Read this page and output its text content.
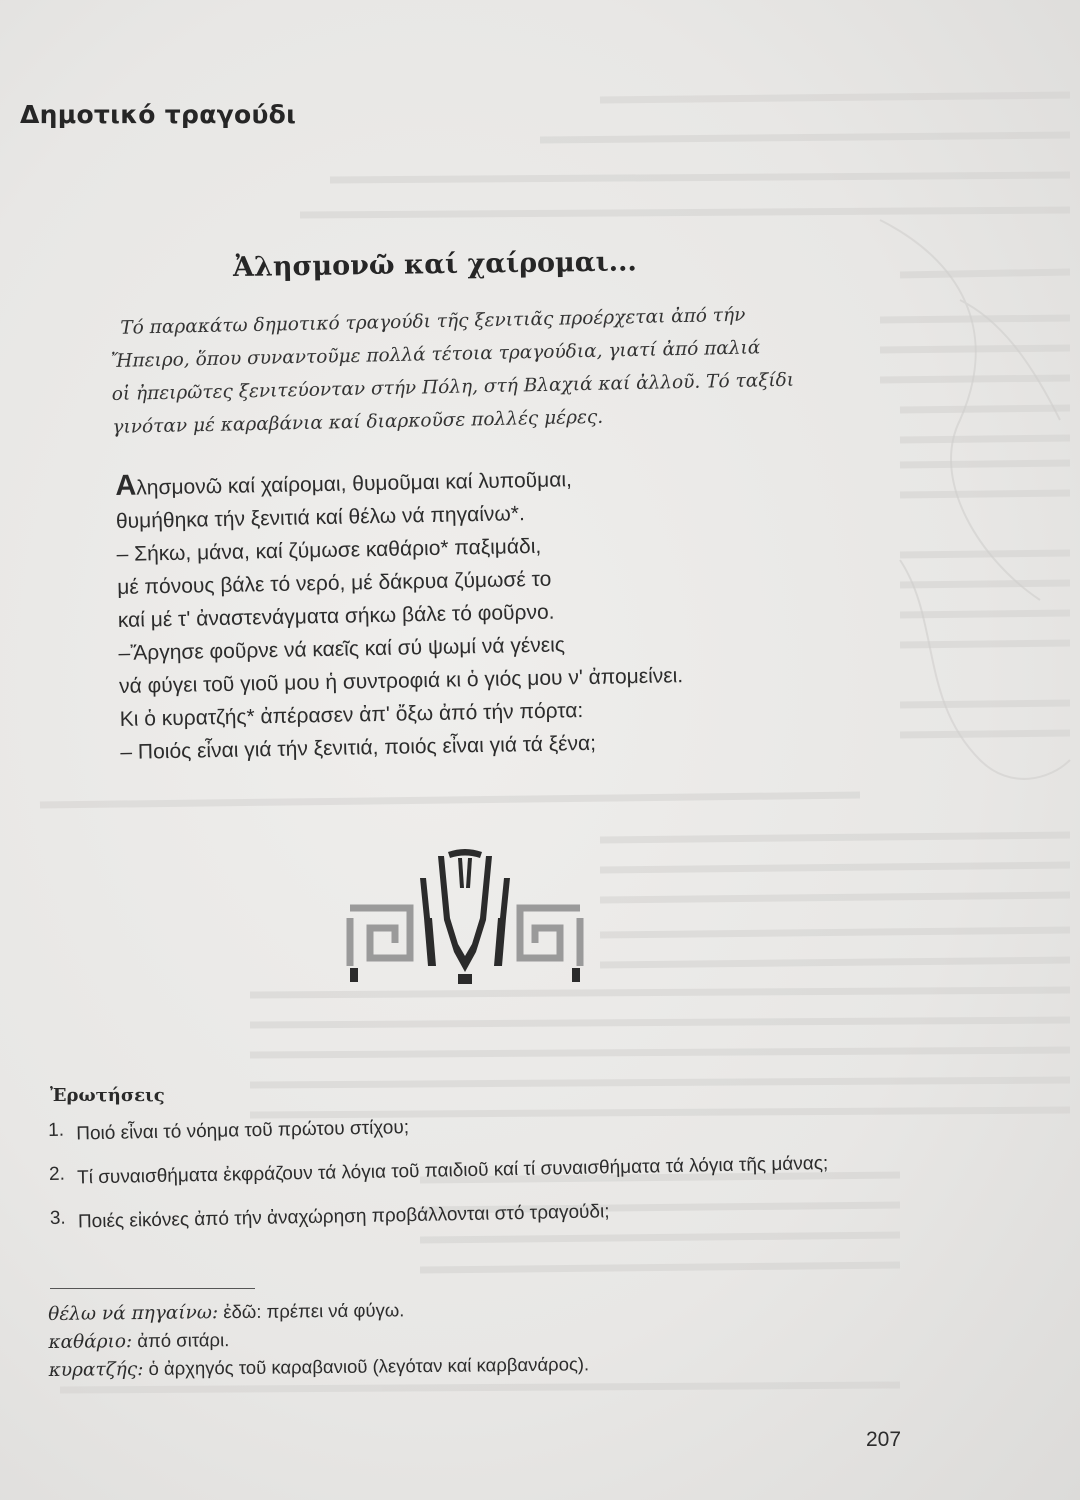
Δημοτικό τραγούδι
Ἀλησμονῶ καί χαίρομαι...

Τό παρακάτω δημοτικό τραγούδι τῆς ξενιτιᾶς προέρχεται ἀπό τήν

Ἤπειρο, ὅπου συναντοῦμε πολλά τέτοια τραγούδια, γιατί ἀπό παλιά

οἱ ἠπειρῶτες ξενιτεύονταν στήν Πόλη, στή Βλαχιά καί ἀλλοῦ. Τό ταξίδι

γινόταν μέ καραβάνια καί διαρκοῦσε πολλές μέρες.

Αλησμονῶ καί χαίρομαι, θυμοῦμαι καί λυποῦμαι,
θυμήθηκα τήν ξενιτιά καί θέλω νά πηγαίνω*.
– Σήκω, μάνα, καί ζύμωσε καθάριο* παξιμάδι,
μέ πόνους βάλε τό νερό, μέ δάκρυα ζύμωσέ το
καί μέ τ' ἀναστενάγματα σήκω βάλε τό φοῦρνο.
–Ἄργησε φοῦρνε νά καεῖς καί σύ ψωμί νά γένεις
νά φύγει τοῦ γιοῦ μου ἡ συντροφιά κι ὁ γιός μου ν' ἀπομείνει.
Κι ὁ κυρατζής* ἀπέρασεν ἀπ' ὄξω ἀπό τήν πόρτα:
– Ποιός εἶναι γιά τήν ξενιτιά, ποιός εἶναι γιά τά ξένα;
Ἐρωτήσεις
1. Ποιό εἶναι τό νόημα τοῦ πρώτου στίχου;
2. Τί συναισθήματα ἐκφράζουν τά λόγια τοῦ παιδιοῦ καί τί συναισθήματα τά λόγια τῆς μάνας;
3. Ποιές εἰκόνες ἀπό τήν ἀναχώρηση προβάλλονται στό τραγούδι;
θέλω νά πηγαίνω: ἐδῶ: πρέπει νά φύγω.
καθάριο: ἀπό σιτάρι.
κυρατζής: ὁ ἀρχηγός τοῦ καραβανιοῦ (λεγόταν καί καρβανάρος).
207
